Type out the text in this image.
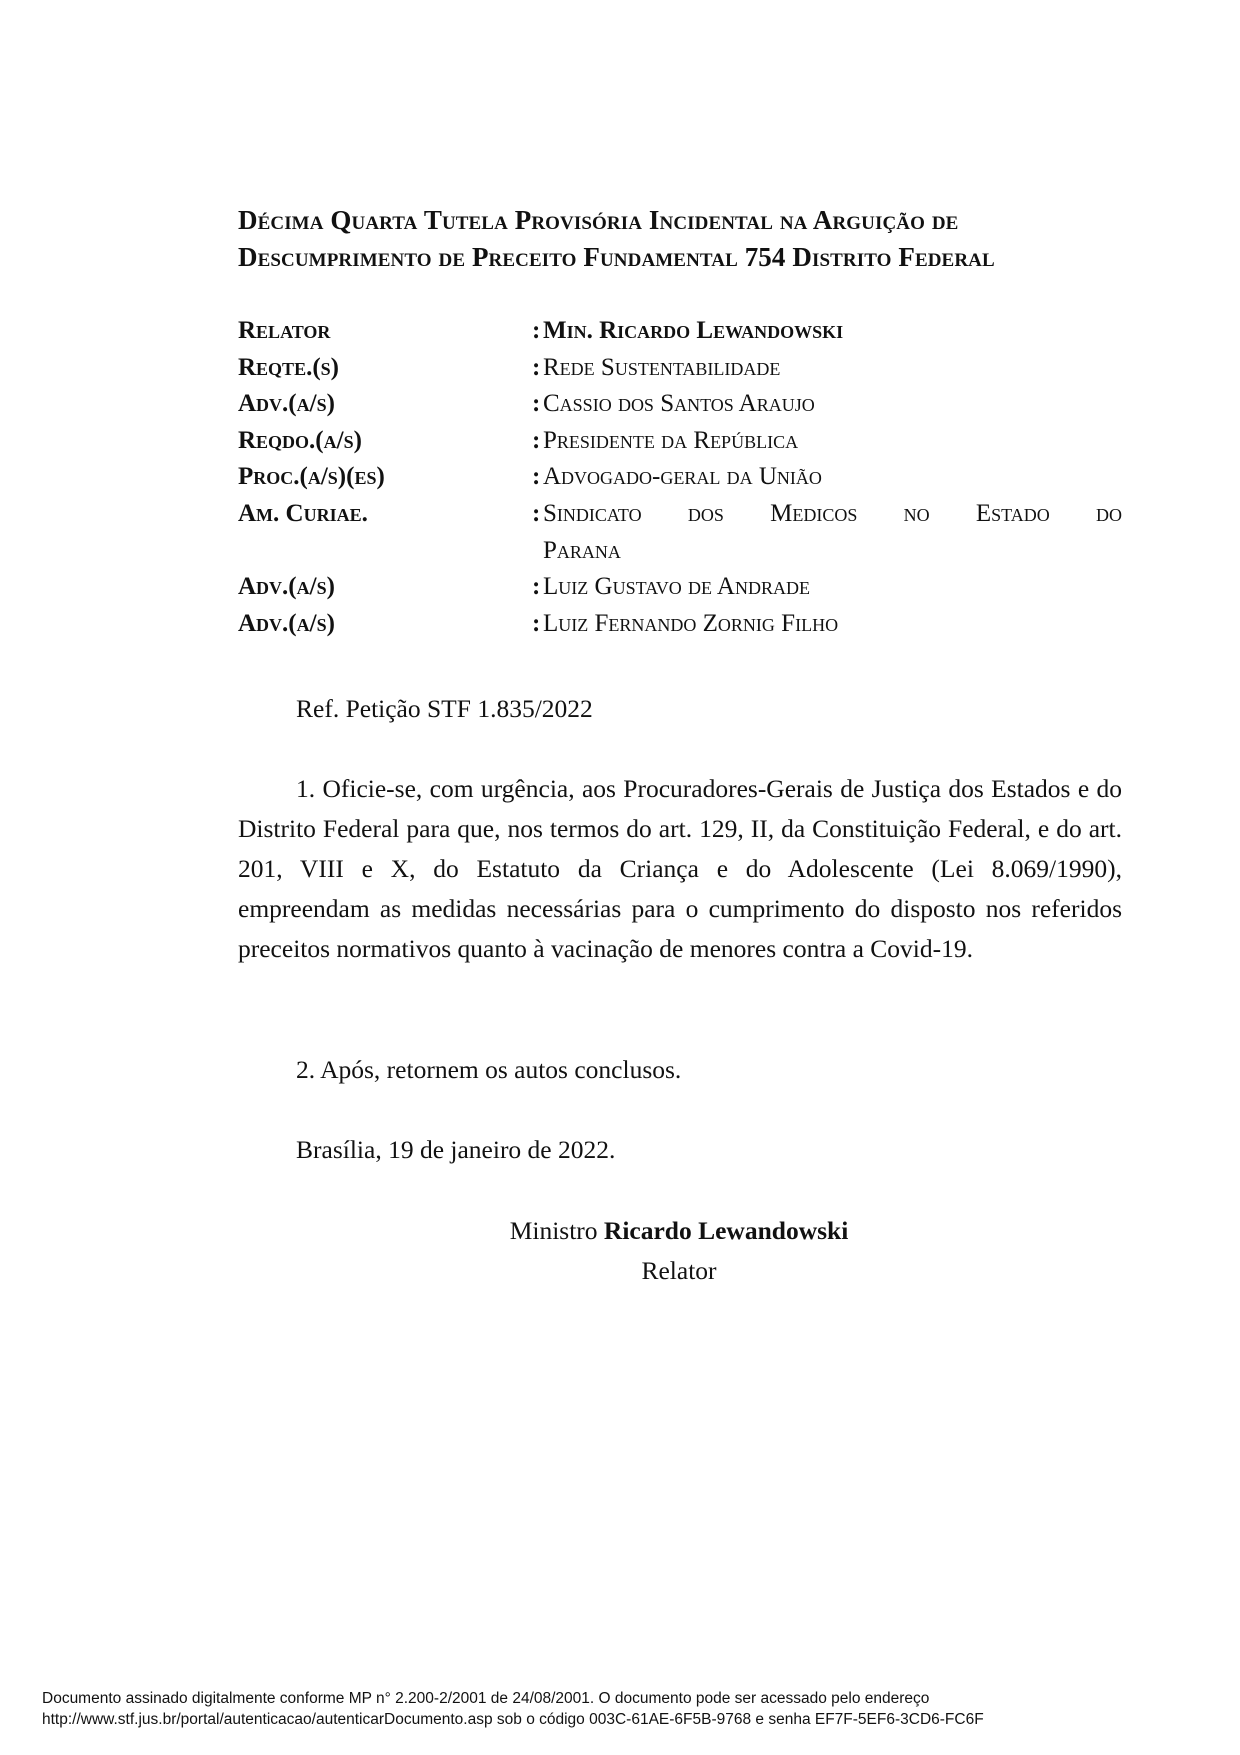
Décima Quarta Tutela Provisória Incidental na Arguição de
Descumprimento de Preceito Fundamental 754 Distrito Federal
Relator	: Min. Ricardo Lewandowski
Reqte.(s)	: Rede Sustentabilidade
Adv.(a/s)	: Cassio dos Santos Araujo
Reqdo.(a/s)	: Presidente da República
Proc.(a/s)(es)	: Advogado-geral da União
Am. Curiae.	: Sindicato dos Medicos no Estado do
Parana
Adv.(a/s)	: Luiz Gustavo de Andrade
Adv.(a/s)	: Luiz Fernando Zornig Filho

Ref. Petição STF 1.835/2022

1. Oficie-se, com urgência, aos Procuradores-Gerais de Justiça dos Estados e do Distrito Federal para que, nos termos do art. 129, II, da Constituição Federal, e do art. 201, VIII e X, do Estatuto da Criança e do Adolescente (Lei 8.069/1990), empreendam as medidas necessárias para o cumprimento do disposto nos referidos preceitos normativos quanto à vacinação de menores contra a Covid-19.

2. Após, retornem os autos conclusos.

Brasília, 19 de janeiro de 2022.

Ministro Ricardo Lewandowski
Relator
Documento assinado digitalmente conforme MP n° 2.200-2/2001 de 24/08/2001. O documento pode ser acessado pelo endereço
http://www.stf.jus.br/portal/autenticacao/autenticarDocumento.asp sob o código 003C-61AE-6F5B-9768 e senha EF7F-5EF6-3CD6-FC6F
